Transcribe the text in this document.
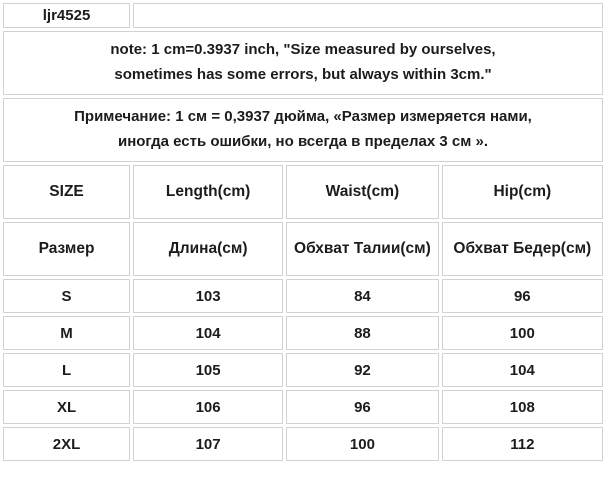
ljr4525			

note: 1 cm=0.3937 inch, "Size measured by ourselves, sometimes has some errors, but always within 3cm."			

Примечание: 1 см = 0,3937 дюйма, «Размер измеряется нами, иногда есть ошибки, но всегда в пределах 3 см ».			

SIZE	Length(cm)	Waist(cm)	Hip(cm)
Размер	Длина(см)	Обхват Талии(см)	Обхват Бедер(см)
S	103	84	96
M	104	88	100
L	105	92	104
XL	106	96	108
2XL	107	100	112
